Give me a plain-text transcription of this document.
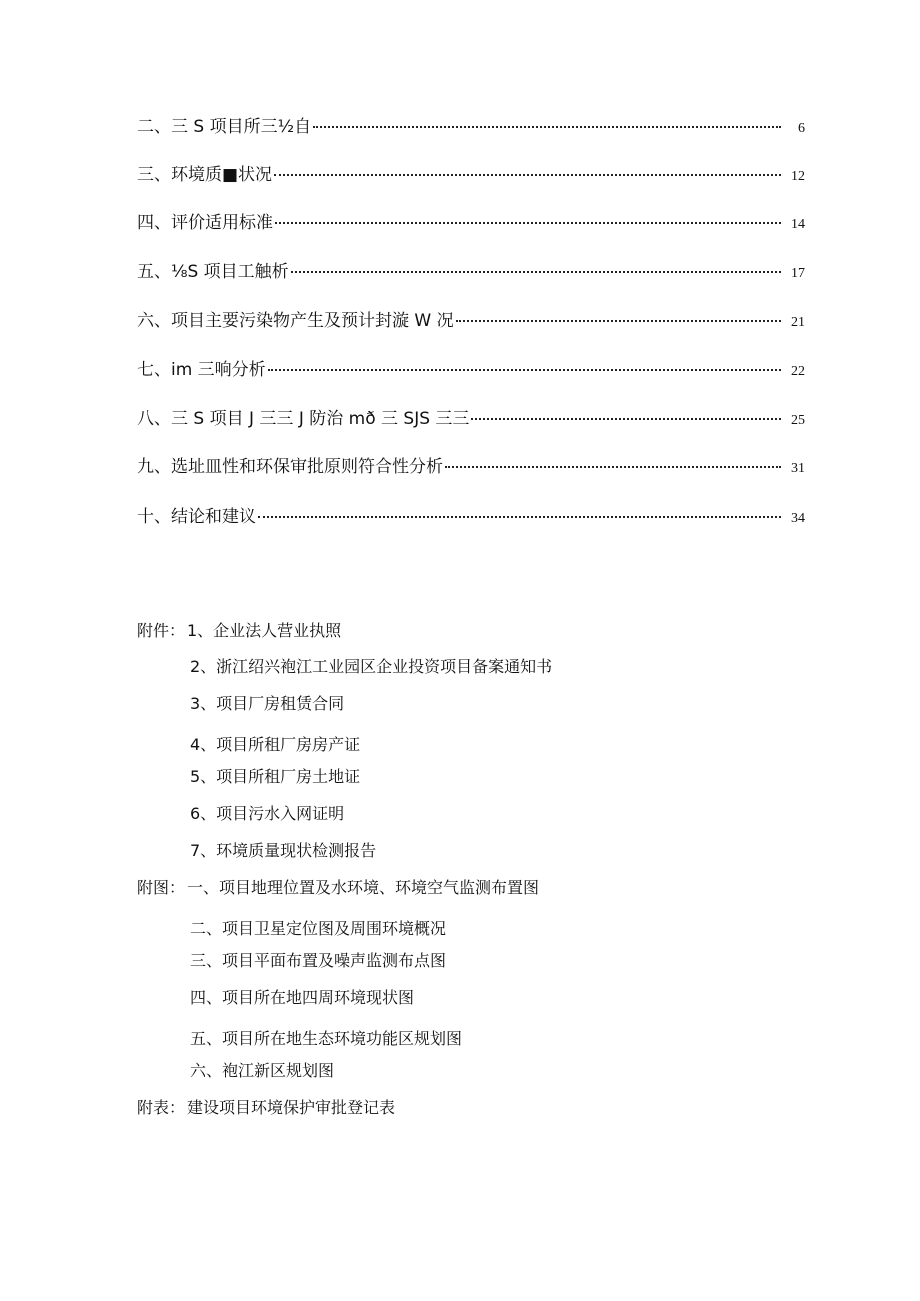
二、三 S 项目所三½自	6
三、环境质■状况	12
四、评价适用标准	14
五、⅛S 项目工触析	17
六、项目主要污染物产生及预计封漩 W 况	21
七、im 三响分析	22
八、三 S 项目 J 三三 J 防治 mð 三 SJS 三三	25
九、选址皿性和环保审批原则符合性分析	31
十、结论和建议	34
附件： 1、企业法人营业执照
2、浙江绍兴袍江工业园区企业投资项目备案通知书
3、项目厂房租赁合同
4、项目所租厂房房产证
5、项目所租厂房土地证
6、项目污水入网证明
7、环境质量现状检测报告
附图： 一、项目地理位置及水环境、环境空气监测布置图
二、项目卫星定位图及周围环境概况
三、项目平面布置及噪声监测布点图
四、项目所在地四周环境现状图
五、项目所在地生态环境功能区规划图
六、袍江新区规划图
附表： 建设项目环境保护审批登记表
